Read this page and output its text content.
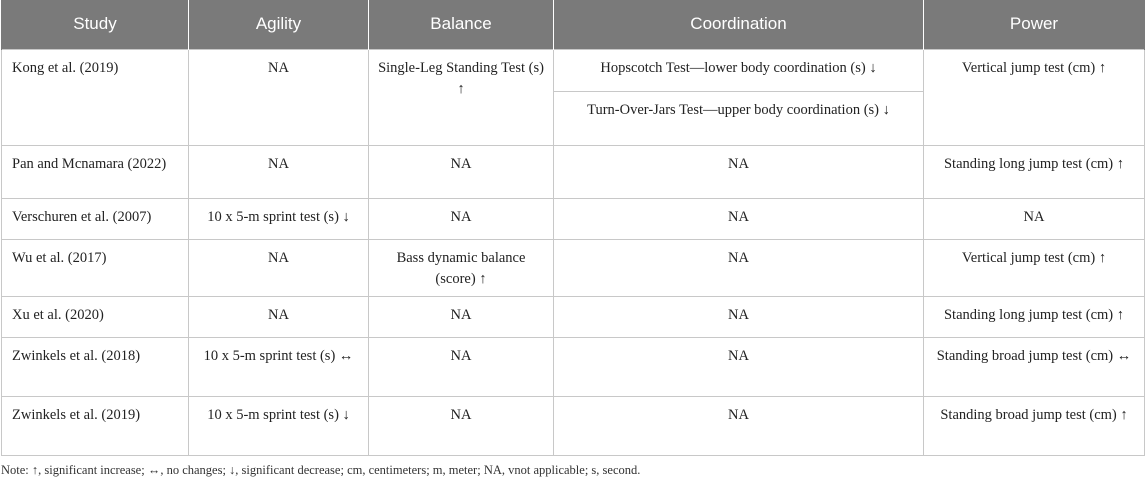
Study	Agility	Balance	Coordination	Power
Kong et al. (2019)	NA	Single-Leg Standing Test (s) ↑	Hopscotch Test—lower body coordination (s) ↓	Vertical jump test (cm) ↑
			Turn-Over-Jars Test—upper body coordination (s) ↓	
Pan and Mcnamara (2022)	NA	NA	NA	Standing long jump test (cm) ↑
Verschuren et al. (2007)	10 x 5-m sprint test (s) ↓	NA	NA	NA
Wu et al. (2017)	NA	Bass dynamic balance (score) ↑	NA	Vertical jump test (cm) ↑
Xu et al. (2020)	NA	NA	NA	Standing long jump test (cm) ↑
Zwinkels et al. (2018)	10 x 5-m sprint test (s) ↔	NA	NA	Standing broad jump test (cm) ↔
Zwinkels et al. (2019)	10 x 5-m sprint test (s) ↓	NA	NA	Standing broad jump test (cm) ↑
Note: ↑, significant increase; ↔, no changes; ↓, significant decrease; cm, centimeters; m, meter; NA, vnot applicable; s, second.
